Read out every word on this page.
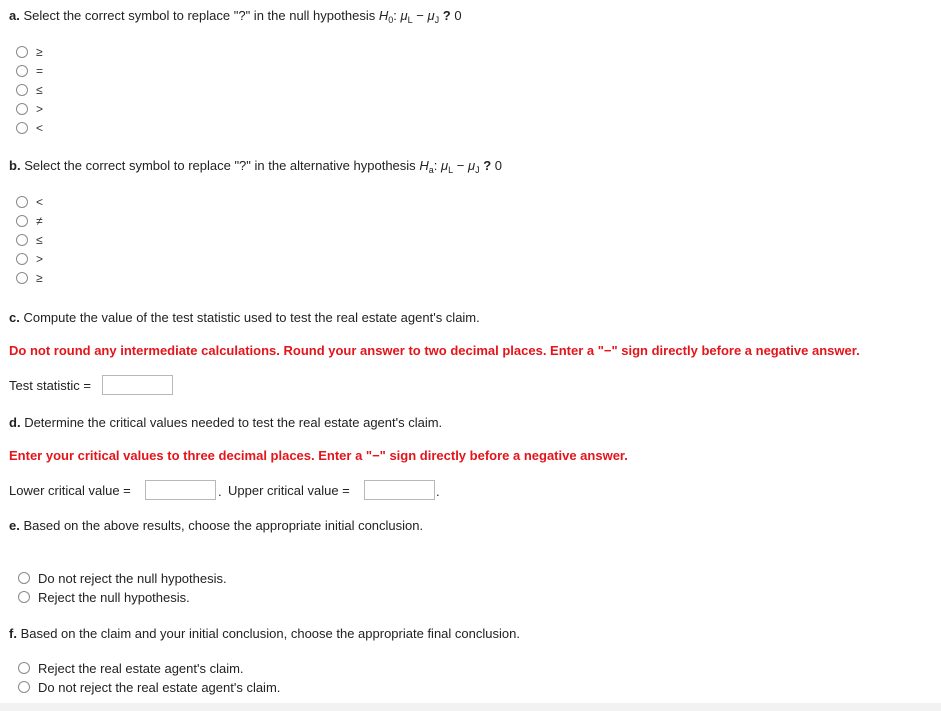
a. Select the correct symbol to replace "?" in the null hypothesis $H_0$: $\mu_L - \mu_J$ ? 0
≥
=
≤
>
<
b. Select the correct symbol to replace "?" in the alternative hypothesis $H_a$: $\mu_L - \mu_J$ ? 0
<
≠
≤
>
≥
c. Compute the value of the test statistic used to test the real estate agent's claim.
Do not round any intermediate calculations. Round your answer to two decimal places. Enter a "−" sign directly before a negative answer.
Test statistic =
d. Determine the critical values needed to test the real estate agent's claim.
Enter your critical values to three decimal places. Enter a "−" sign directly before a negative answer.
Lower critical value =	. Upper critical value =	.
e. Based on the above results, choose the appropriate initial conclusion.
Do not reject the null hypothesis.
Reject the null hypothesis.
f. Based on the claim and your initial conclusion, choose the appropriate final conclusion.
Reject the real estate agent's claim.
Do not reject the real estate agent's claim.
